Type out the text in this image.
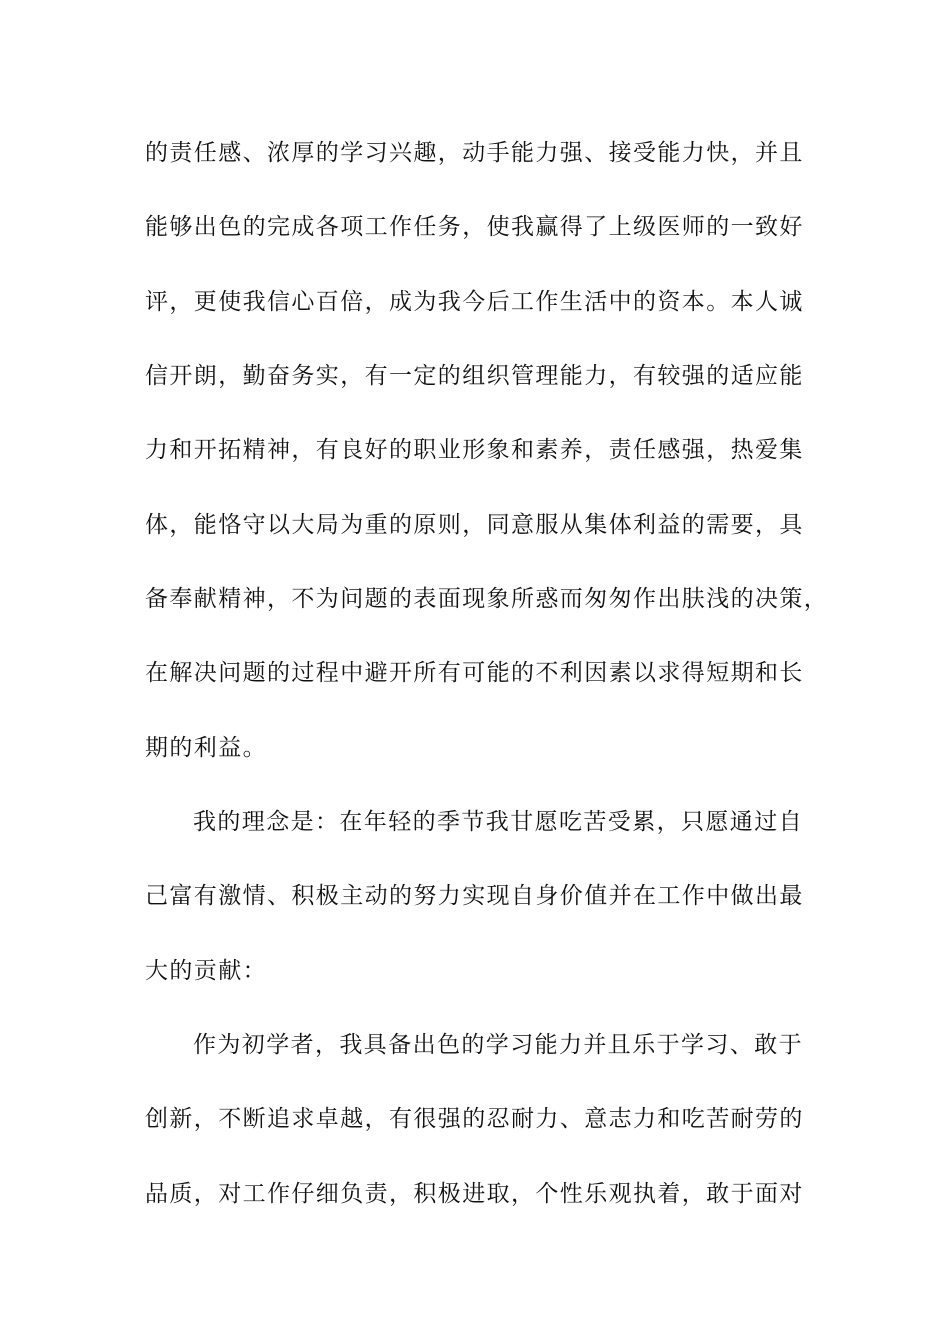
的责任感、浓厚的学习兴趣，动手能力强、接受能力快，并且
能够出色的完成各项工作任务，使我赢得了上级医师的一致好
评，更使我信心百倍，成为我今后工作生活中的资本。本人诚
信开朗，勤奋务实，有一定的组织管理能力，有较强的适应能
力和开拓精神，有良好的职业形象和素养，责任感强，热爱集
体，能恪守以大局为重的原则，同意服从集体利益的需要，具
备奉献精神，不为问题的表面现象所惑而匆匆作出肤浅的决策，
在解决问题的过程中避开所有可能的不利因素以求得短期和长
期的利益。
我的理念是：在年轻的季节我甘愿吃苦受累，只愿通过自
己富有激情、积极主动的努力实现自身价值并在工作中做出最
大的贡献：
作为初学者，我具备出色的学习能力并且乐于学习、敢于
创新，不断追求卓越，有很强的忍耐力、意志力和吃苦耐劳的
品质，对工作仔细负责，积极进取，个性乐观执着，敢于面对
